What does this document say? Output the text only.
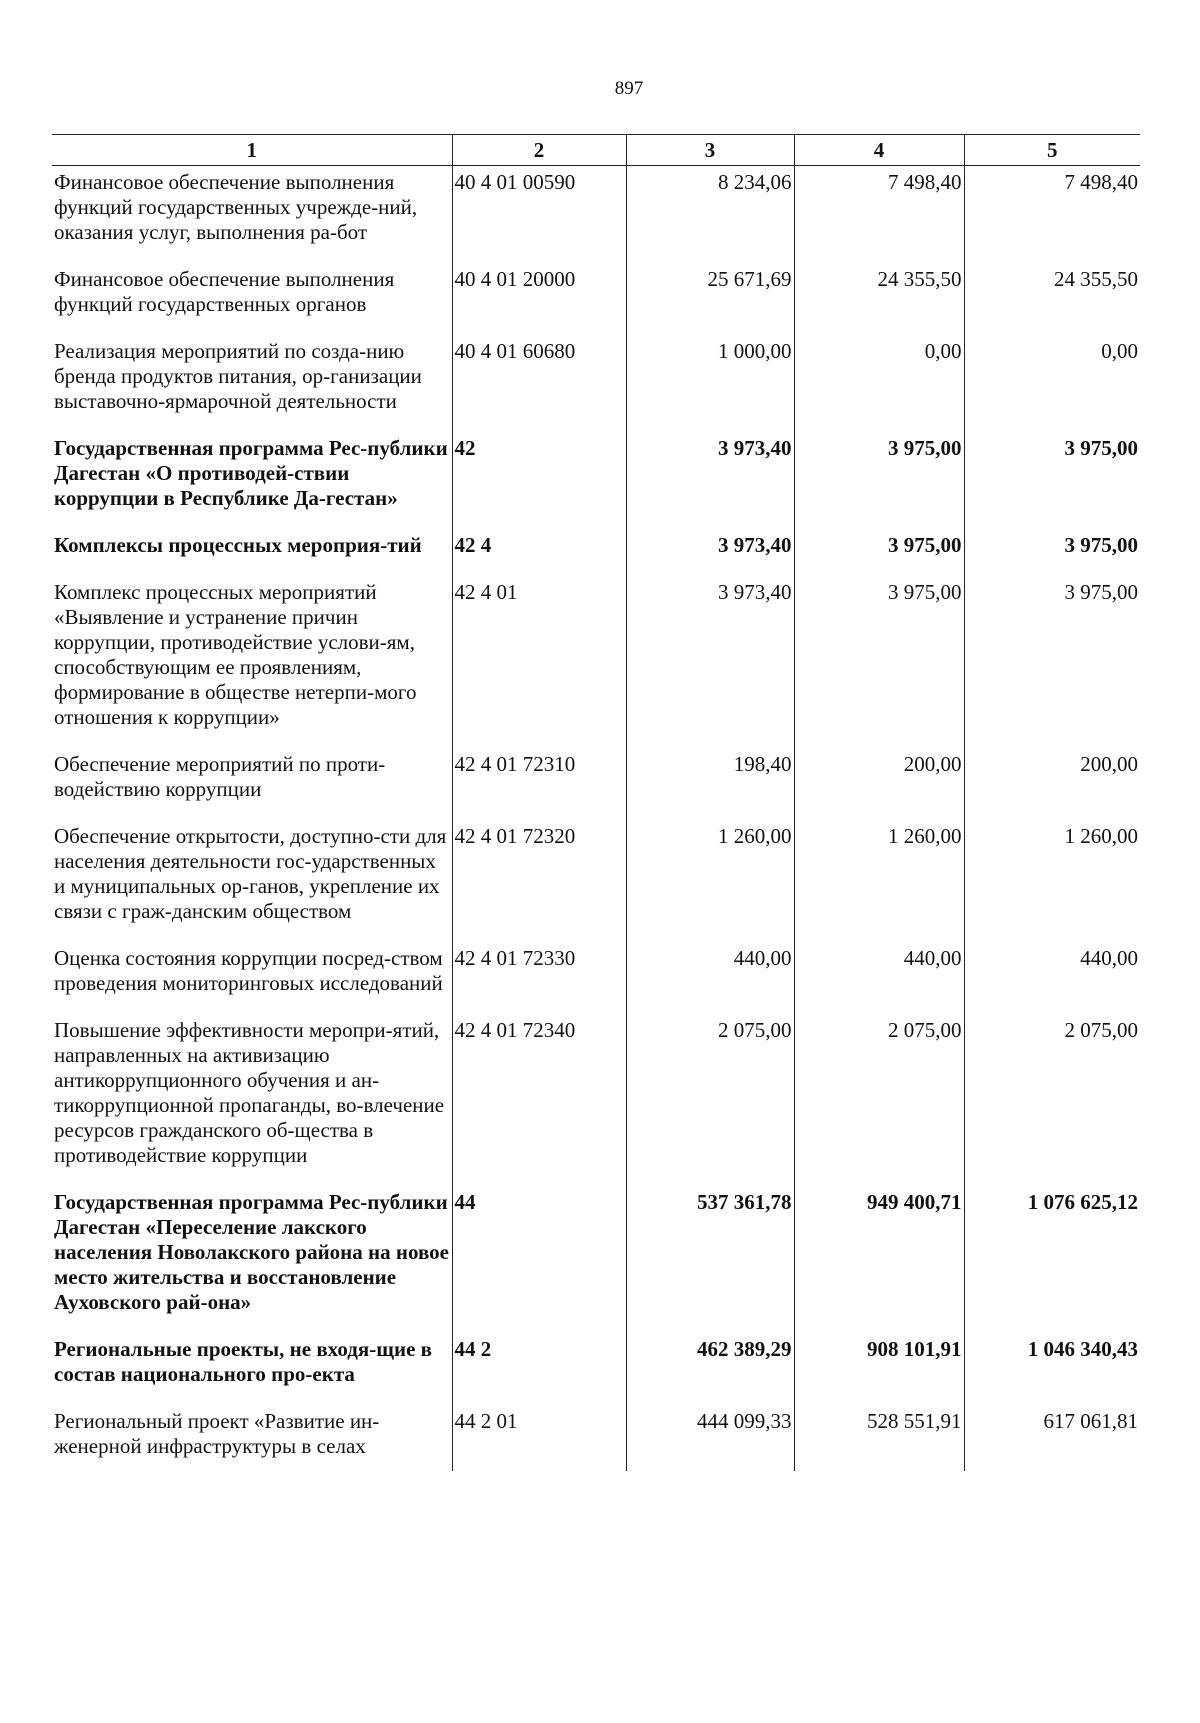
897
1	2	3	4	5
Финансовое обеспечение выполнения функций государственных учрежде-ний, оказания услуг, выполнения ра-бот	40 4 01 00590	8 234,06	7 498,40	7 498,40
Финансовое обеспечение выполнения функций государственных органов	40 4 01 20000	25 671,69	24 355,50	24 355,50
Реализация мероприятий по созда-нию бренда продуктов питания, ор-ганизации выставочно-ярмарочной деятельности	40 4 01 60680	1 000,00	0,00	0,00
Государственная программа Рес-публики Дагестан «О противодей-ствии коррупции в Республике Да-гестан»	42	3 973,40	3 975,00	3 975,00
Комплексы процессных мероприя-тий	42 4	3 973,40	3 975,00	3 975,00
Комплекс процессных мероприятий «Выявление и устранение причин коррупции, противодействие услови-ям, способствующим ее проявлениям, формирование в обществе нетерпи-мого отношения к коррупции»	42 4 01	3 973,40	3 975,00	3 975,00
Обеспечение мероприятий по проти-водействию коррупции	42 4 01 72310	198,40	200,00	200,00
Обеспечение открытости, доступно-сти для населения деятельности гос-ударственных и муниципальных ор-ганов, укрепление их связи с граж-данским обществом	42 4 01 72320	1 260,00	1 260,00	1 260,00
Оценка состояния коррупции посред-ством проведения мониторинговых исследований	42 4 01 72330	440,00	440,00	440,00
Повышение эффективности меропри-ятий, направленных на активизацию антикоррупционного обучения и ан-тикоррупционной пропаганды, во-влечение ресурсов гражданского об-щества в противодействие коррупции	42 4 01 72340	2 075,00	2 075,00	2 075,00
Государственная программа Рес-публики Дагестан «Переселение лакского населения Новолакского района на новое место жительства и восстановление Ауховского рай-она»	44	537 361,78	949 400,71	1 076 625,12
Региональные проекты, не входя-щие в состав национального про-екта	44 2	462 389,29	908 101,91	1 046 340,43
Региональный проект «Развитие ин-женерной инфраструктуры в селах	44 2 01	444 099,33	528 551,91	617 061,81
